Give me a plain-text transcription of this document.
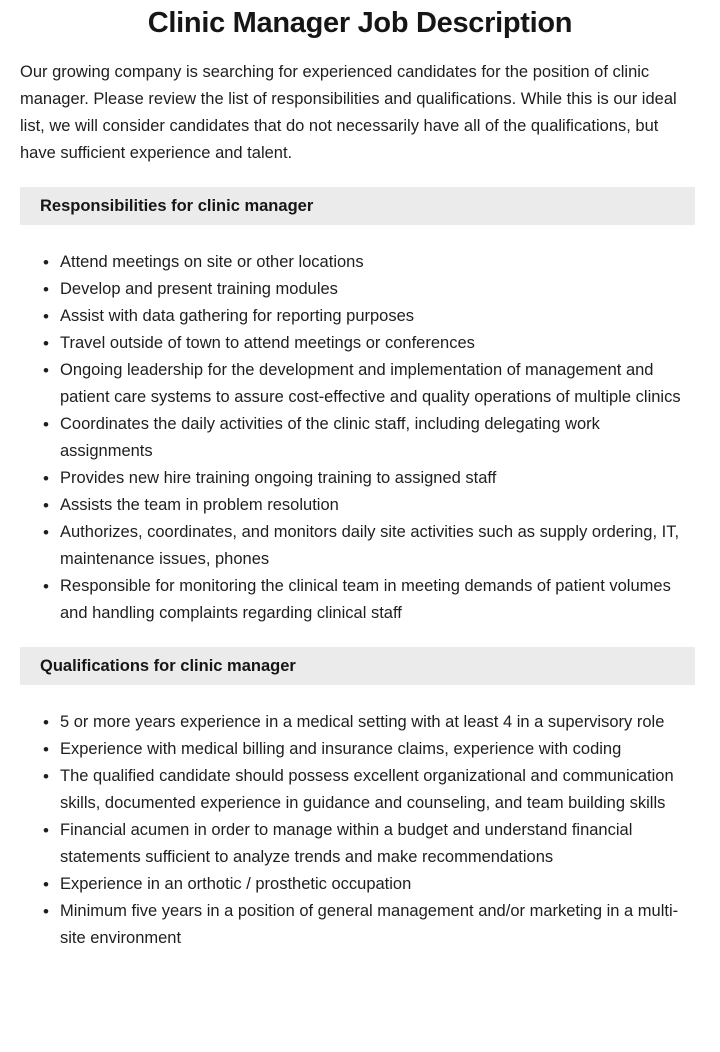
Clinic Manager Job Description

Our growing company is searching for experienced candidates for the position of clinic manager. Please review the list of responsibilities and qualifications. While this is our ideal list, we will consider candidates that do not necessarily have all of the qualifications, but have sufficient experience and talent.

Responsibilities for clinic manager
• Attend meetings on site or other locations
• Develop and present training modules
• Assist with data gathering for reporting purposes
• Travel outside of town to attend meetings or conferences
• Ongoing leadership for the development and implementation of management and patient care systems to assure cost-effective and quality operations of multiple clinics
• Coordinates the daily activities of the clinic staff, including delegating work assignments
• Provides new hire training ongoing training to assigned staff
• Assists the team in problem resolution
• Authorizes, coordinates, and monitors daily site activities such as supply ordering, IT, maintenance issues, phones
• Responsible for monitoring the clinical team in meeting demands of patient volumes and handling complaints regarding clinical staff
Qualifications for clinic manager
• 5 or more years experience in a medical setting with at least 4 in a supervisory role
• Experience with medical billing and insurance claims, experience with coding
• The qualified candidate should possess excellent organizational and communication skills, documented experience in guidance and counseling, and team building skills
• Financial acumen in order to manage within a budget and understand financial statements sufficient to analyze trends and make recommendations
• Experience in an orthotic / prosthetic occupation
• Minimum five years in a position of general management and/or marketing in a multi-site environment
